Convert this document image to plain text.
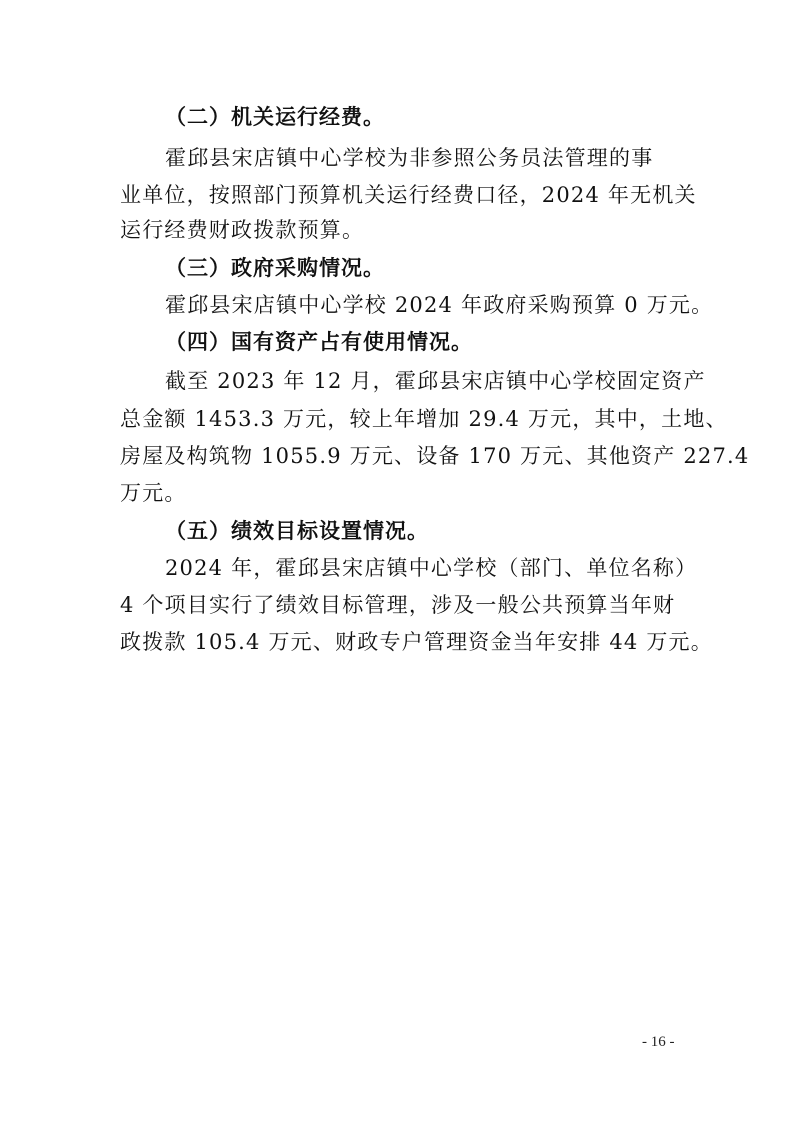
（二）机关运行经费。
霍邱县宋店镇中心学校为非参照公务员法管理的事
业单位，按照部门预算机关运行经费口径，2024 年无机关
运行经费财政拨款预算。
（三）政府采购情况。
霍邱县宋店镇中心学校 2024 年政府采购预算 0 万元。
（四）国有资产占有使用情况。
截至 2023 年 12 月，霍邱县宋店镇中心学校固定资产
总金额 1453.3 万元，较上年增加 29.4 万元，其中，土地、
房屋及构筑物 1055.9 万元、设备 170 万元、其他资产 227.4
万元。
（五）绩效目标设置情况。
2024 年，霍邱县宋店镇中心学校（部门、单位名称）
4 个项目实行了绩效目标管理，涉及一般公共预算当年财
政拨款 105.4 万元、财政专户管理资金当年安排 44 万元。
- 16 -
